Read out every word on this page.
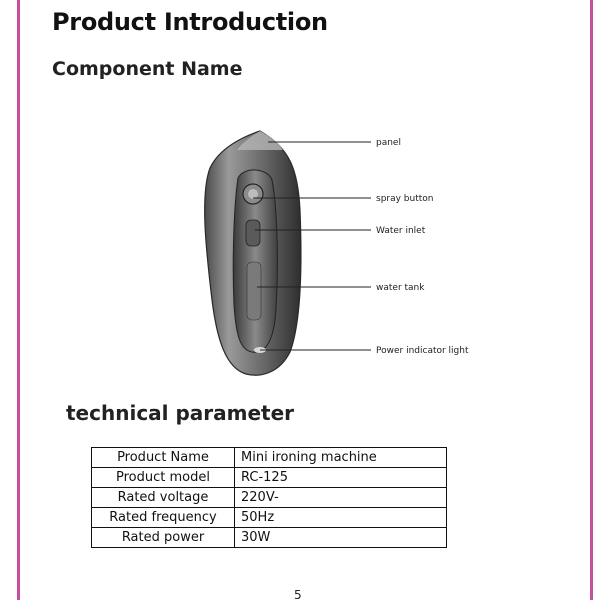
Product Introduction
Component Name
panel
spray button
Water inlet
water tank
Power indicator light
technical parameter
Product Name	Mini ironing machine
Product model	RC-125
Rated voltage	220V-
Rated frequency	50Hz
Rated power	30W
5
